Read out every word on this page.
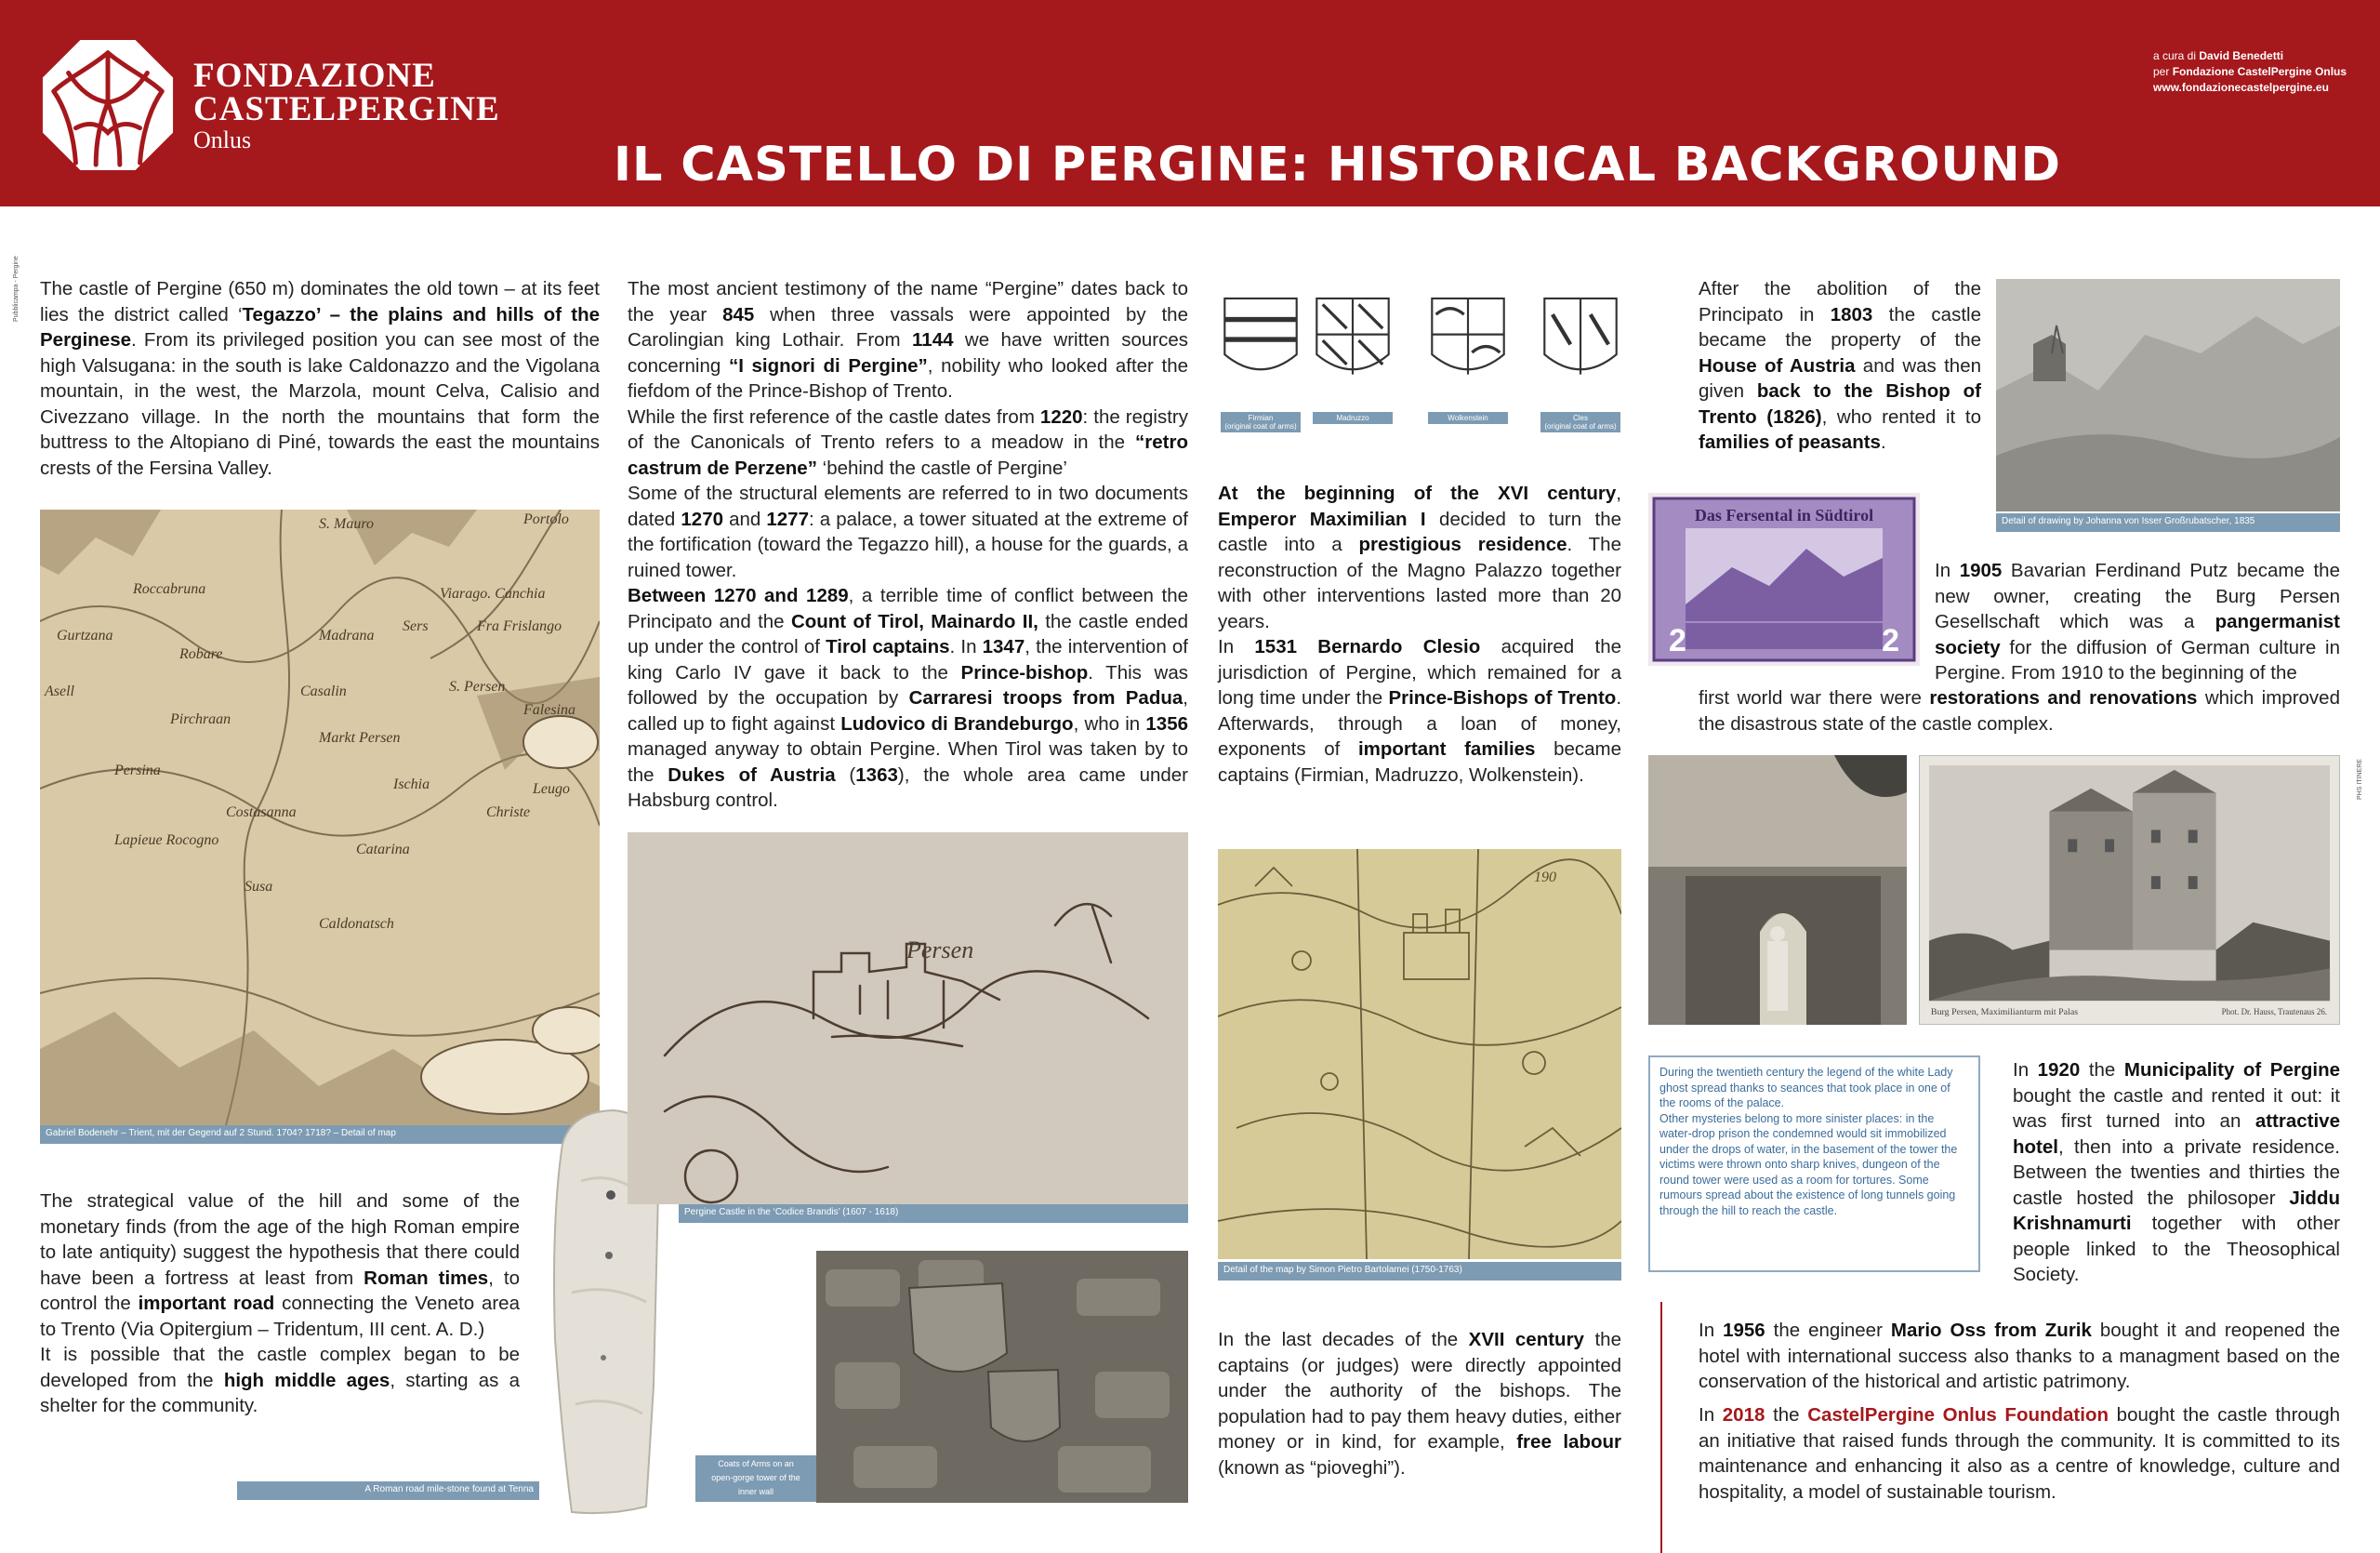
FONDAZIONE
CASTELPERGINE
Onlus	IL CASTELLO DI PERGINE: HISTORICAL BACKGROUND
a cura di David Benedetti
per Fondazione CastelPergine Onlus
www.fondazionecastelpergine.eu
Pubblicampa - Pergine
PHS ITINERE

The castle of Pergine (650 m) dominates the old town – at its feet lies the district called ‘Tegazzo’ – the plains and hills of the Perginese. From its privileged position you can see most of the high Valsugana: in the south is lake Caldonazzo and the Vigolana mountain, in the west, the Marzola, mount Celva, Calisio and Civezzano village. In the north the mountains that form the buttress to the Altopiano di Piné, towards the east the mountains crests of the Fersina Valley.

Portolo
S. Mauro
Roccabruna
Gurtzana
Robare
Madrana
Sers	Fra Frislango
Viarago. Canchia
S. Persen
Falesina
Casalin
Pirchraan
Markt Persen
Persina
Ischia	Leugo
Costasanna	Christe
Lapieue Rocogno
Catarina
Susa
Caldonatsch
Asell
Gabriel Bodenehr – Trient, mit der Gegend auf 2 Stund. 1704? 1718? – Detail of map

The strategical value of the hill and some of the monetary finds (from the age of the high Roman empire to late antiquity) suggest the hypothesis that there could have been a fortress at least from Roman times, to control the important road connecting the Veneto area to Trento (Via Opitergium – Tridentum, III cent. A. D.)

It is possible that the castle complex began to be developed from the high middle ages, starting as a shelter for the community.

A Roman road mile-stone found at Tenna

The most ancient testimony of the name “Pergine” dates back to the year 845 when three vassals were appointed by the Carolingian king Lothair. From 1144 we have written sources concerning “I signori di Pergine”, nobility who looked after the fiefdom of the Prince-Bishop of Trento.

While the first reference of the castle dates from 1220: the registry of the Canonicals of Trento refers to a meadow in the “retro castrum de Perzene” ‘behind the castle of Pergine’

Some of the structural elements are referred to in two documents dated 1270 and 1277: a palace, a tower situated at the extreme of the fortification (toward the Tegazzo hill), a house for the guards, a ruined tower.

Between 1270 and 1289, a terrible time of conflict between the Principato and the Count of Tirol, Mainardo II, the castle ended up under the control of Tirol captains. In 1347, the intervention of king Carlo IV gave it back to the Prince-bishop. This was followed by the occupation by Carraresi troops from Padua, called up to fight against Ludovico di Brandeburgo, who in 1356 managed anyway to obtain Pergine. When Tirol was taken by to the Dukes of Austria (1363), the whole area came under Habsburg control.

Persen
Pergine Castle in the ‘Codice Brandis’ (1607 - 1618)
Coats of Arms on an
open-gorge tower of the
inner wall
Firmian
(original coat of arms)
Madruzzo	Wolkenstein	Cles
(original coat of arms)

At the beginning of the XVI century, Emperor Maximilian I decided to turn the castle into a prestigious residence. The reconstruction of the Magno Palazzo together with other interventions lasted more than 20 years.

In 1531 Bernardo Clesio acquired the jurisdiction of Pergine, which remained for a long time under the Prince-Bishops of Trento. Afterwards, through a loan of money, exponents of important families became captains (Firmian, Madruzzo, Wolkenstein).

190
Detail of the map by Simon Pietro Bartolamei (1750-1763)

In the last decades of the XVII century the captains (or judges) were directly appointed under the authority of the bishops. The population had to pay them heavy duties, either money or in kind, for example, free labour (known as “pioveghi”).

After the abolition of the Principato in 1803 the castle became the property of the House of Austria and was then given back to the Bishop of Trento (1826), who rented it to families of peasants.

Detail of drawing by Johanna von Isser Großrubatscher, 1835
Das Fersental in Südtirol
2	2

In 1905 Bavarian Ferdinand Putz became the new owner, creating the Burg Persen Gesellschaft which was a pangermanist society for the diffusion of German culture in Pergine. From 1910 to the beginning of the

first world war there were restorations and renovations which improved the disastrous state of the castle complex.

Burg Persen, Maximilianturm mit Palas	Phot. Dr. Hauss, Trautenaus 26.

During the twentieth century the legend of the white Lady ghost spread thanks to seances that took place in one of the rooms of the palace.

Other mysteries belong to more sinister places: in the water-drop prison the condemned would sit immobilized under the drops of water, in the basement of the tower the victims were thrown onto sharp knives, dungeon of the round tower were used as a room for tortures. Some rumours spread about the existence of long tunnels going through the hill to reach the castle.

In 1920 the Municipality of Pergine bought the castle and rented it out: it was first turned into an attractive hotel, then into a private residence. Between the twenties and thirties the castle hosted the philosoper Jiddu Krishnamurti together with other people linked to the Theosophical Society.

In 1956 the engineer Mario Oss from Zurik bought it and reopened the hotel with international success also thanks to a managment based on the conservation of the historical and artistic patrimony.

In 2018 the CastelPergine Onlus Foundation bought the castle through an initiative that raised funds through the community. It is committed to its maintenance and enhancing it also as a centre of knowledge, culture and hospitality, a model of sustainable tourism.
